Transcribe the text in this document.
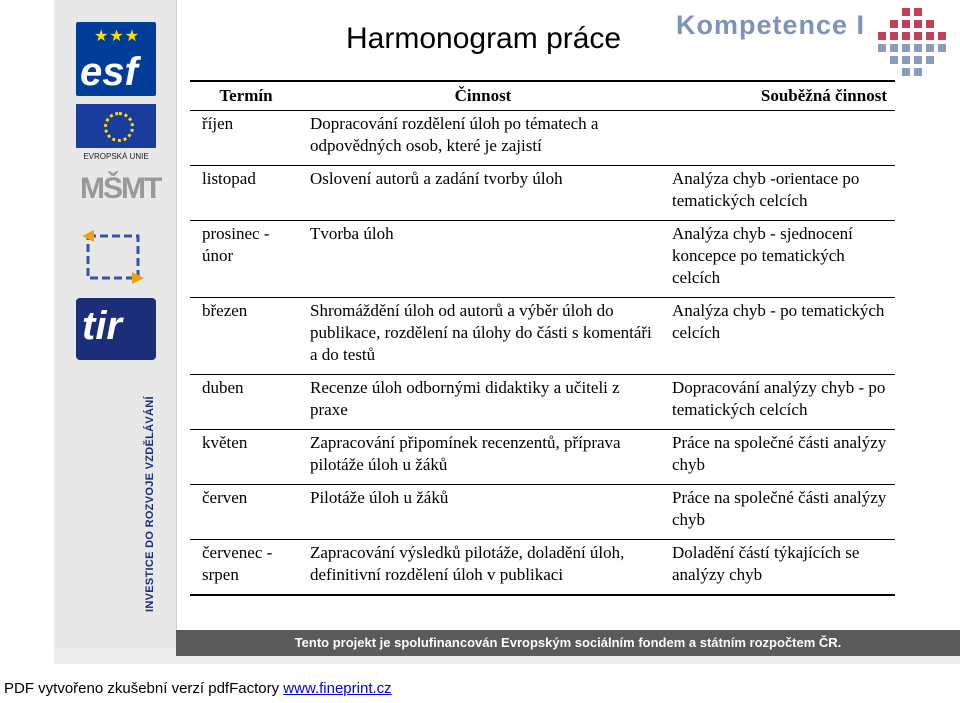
★★★
esf
EVROPSKÁ UNIE
MŠMT
tir
INVESTICE DO ROZVOJE VZDĚLÁVÁNÍ
Kompetence I
Harmonogram práce
Termín	Činnost	Souběžná činnost
říjen	Dopracování rozdělení úloh po tématech a odpovědných osob, které je zajistí	
listopad	Oslovení autorů a zadání tvorby úloh	Analýza chyb -orientace po tematických celcích
prosinec - únor	Tvorba úloh	Analýza chyb - sjednocení koncepce po tematických celcích
březen	Shromáždění úloh od autorů a výběr úloh do publikace, rozdělení na úlohy do části s komentáři a do testů	Analýza chyb - po tematických celcích
duben	Recenze úloh odbornými didaktiky a učiteli z praxe	Dopracování analýzy chyb - po tematických celcích
květen	Zapracování připomínek recenzentů, příprava pilotáže úloh u žáků	Práce na společné části analýzy chyb
červen	Pilotáže úloh u žáků	Práce na společné části analýzy chyb
červenec - srpen	Zapracování výsledků pilotáže, doladění úloh, definitivní rozdělení úloh v publikaci	Doladění částí týkajících se analýzy chyb
Tento projekt je spolufinancován Evropským sociálním fondem a státním rozpočtem ČR.
PDF vytvořeno zkušební verzí pdfFactory www.fineprint.cz
